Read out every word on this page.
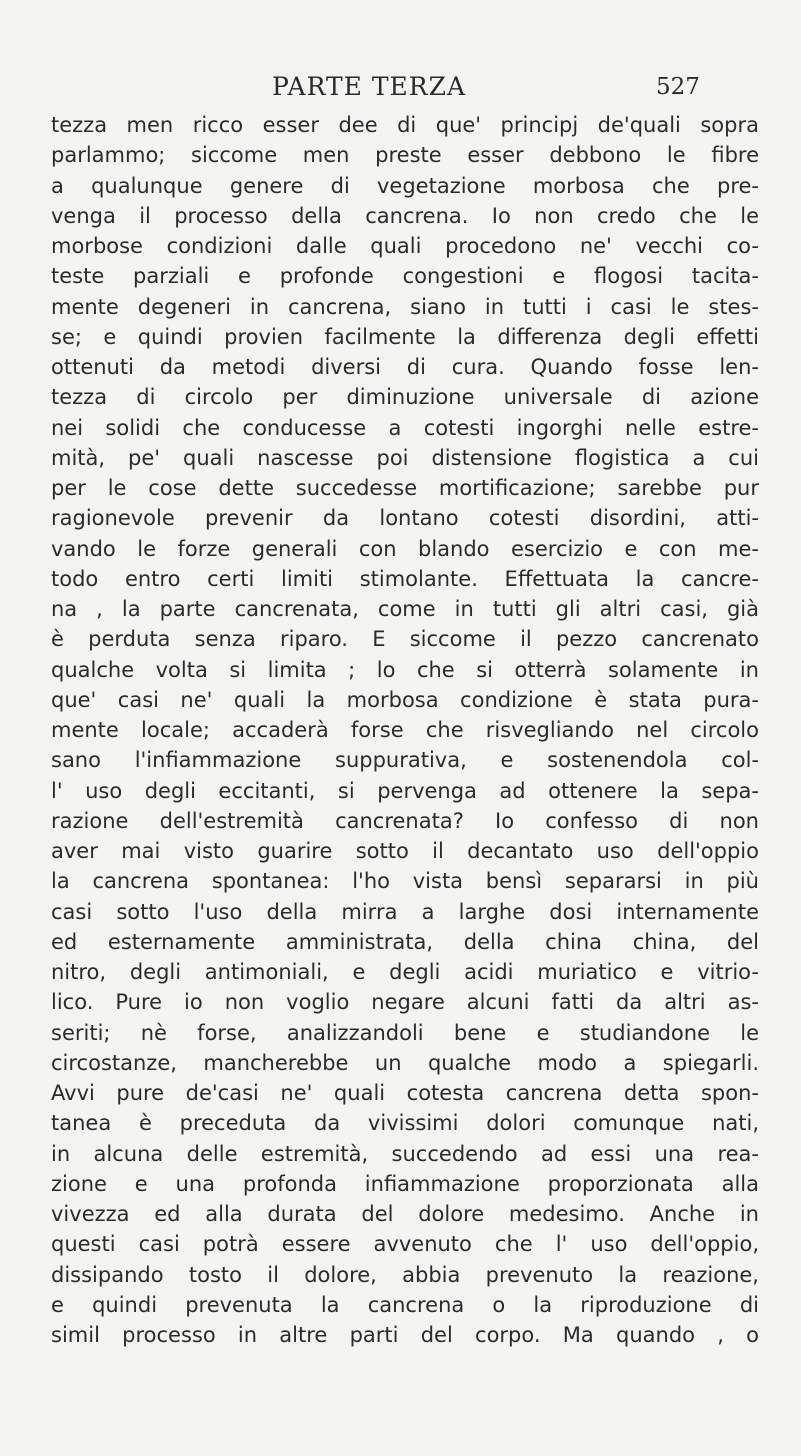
PARTE TERZA	527
tezza men ricco esser dee di que' principj de'quali sopra
parlammo; siccome men preste esser debbono le fibre
a qualunque genere di vegetazione morbosa che pre-
venga il processo della cancrena. Io non credo che le
morbose condizioni dalle quali procedono ne' vecchi co-
teste parziali e profonde congestioni e flogosi tacita-
mente degeneri in cancrena, siano in tutti i casi le stes-
se; e quindi provien facilmente la differenza degli effetti
ottenuti da metodi diversi di cura. Quando fosse len-
tezza di circolo per diminuzione universale di azione
nei solidi che conducesse a cotesti ingorghi nelle estre-
mità, pe' quali nascesse poi distensione flogistica a cui
per le cose dette succedesse mortificazione; sarebbe pur
ragionevole prevenir da lontano cotesti disordini, atti-
vando le forze generali con blando esercizio e con me-
todo entro certi limiti stimolante. Effettuata la cancre-
na , la parte cancrenata, come in tutti gli altri casi, già
è perduta senza riparo. E siccome il pezzo cancrenato
qualche volta si limita ; lo che si otterrà solamente in
que' casi ne' quali la morbosa condizione è stata pura-
mente locale; accaderà forse che risvegliando nel circolo
sano l'infiammazione suppurativa, e sostenendola col-
l' uso degli eccitanti, si pervenga ad ottenere la sepa-
razione dell'estremità cancrenata? Io confesso di non
aver mai visto guarire sotto il decantato uso dell'oppio
la cancrena spontanea: l'ho vista bensì separarsi in più
casi sotto l'uso della mirra a larghe dosi internamente
ed esternamente amministrata, della china china, del
nitro, degli antimoniali, e degli acidi muriatico e vitrio-
lico. Pure io non voglio negare alcuni fatti da altri as-
seriti; nè forse, analizzandoli bene e studiandone le
circostanze, mancherebbe un qualche modo a spiegarli.
Avvi pure de'casi ne' quali cotesta cancrena detta spon-
tanea è preceduta da vivissimi dolori comunque nati,
in alcuna delle estremità, succedendo ad essi una rea-
zione e una profonda infiammazione proporzionata alla
vivezza ed alla durata del dolore medesimo. Anche in
questi casi potrà essere avvenuto che l' uso dell'oppio,
dissipando tosto il dolore, abbia prevenuto la reazione,
e quindi prevenuta la cancrena o la riproduzione di
simil processo in altre parti del corpo. Ma quando , o
